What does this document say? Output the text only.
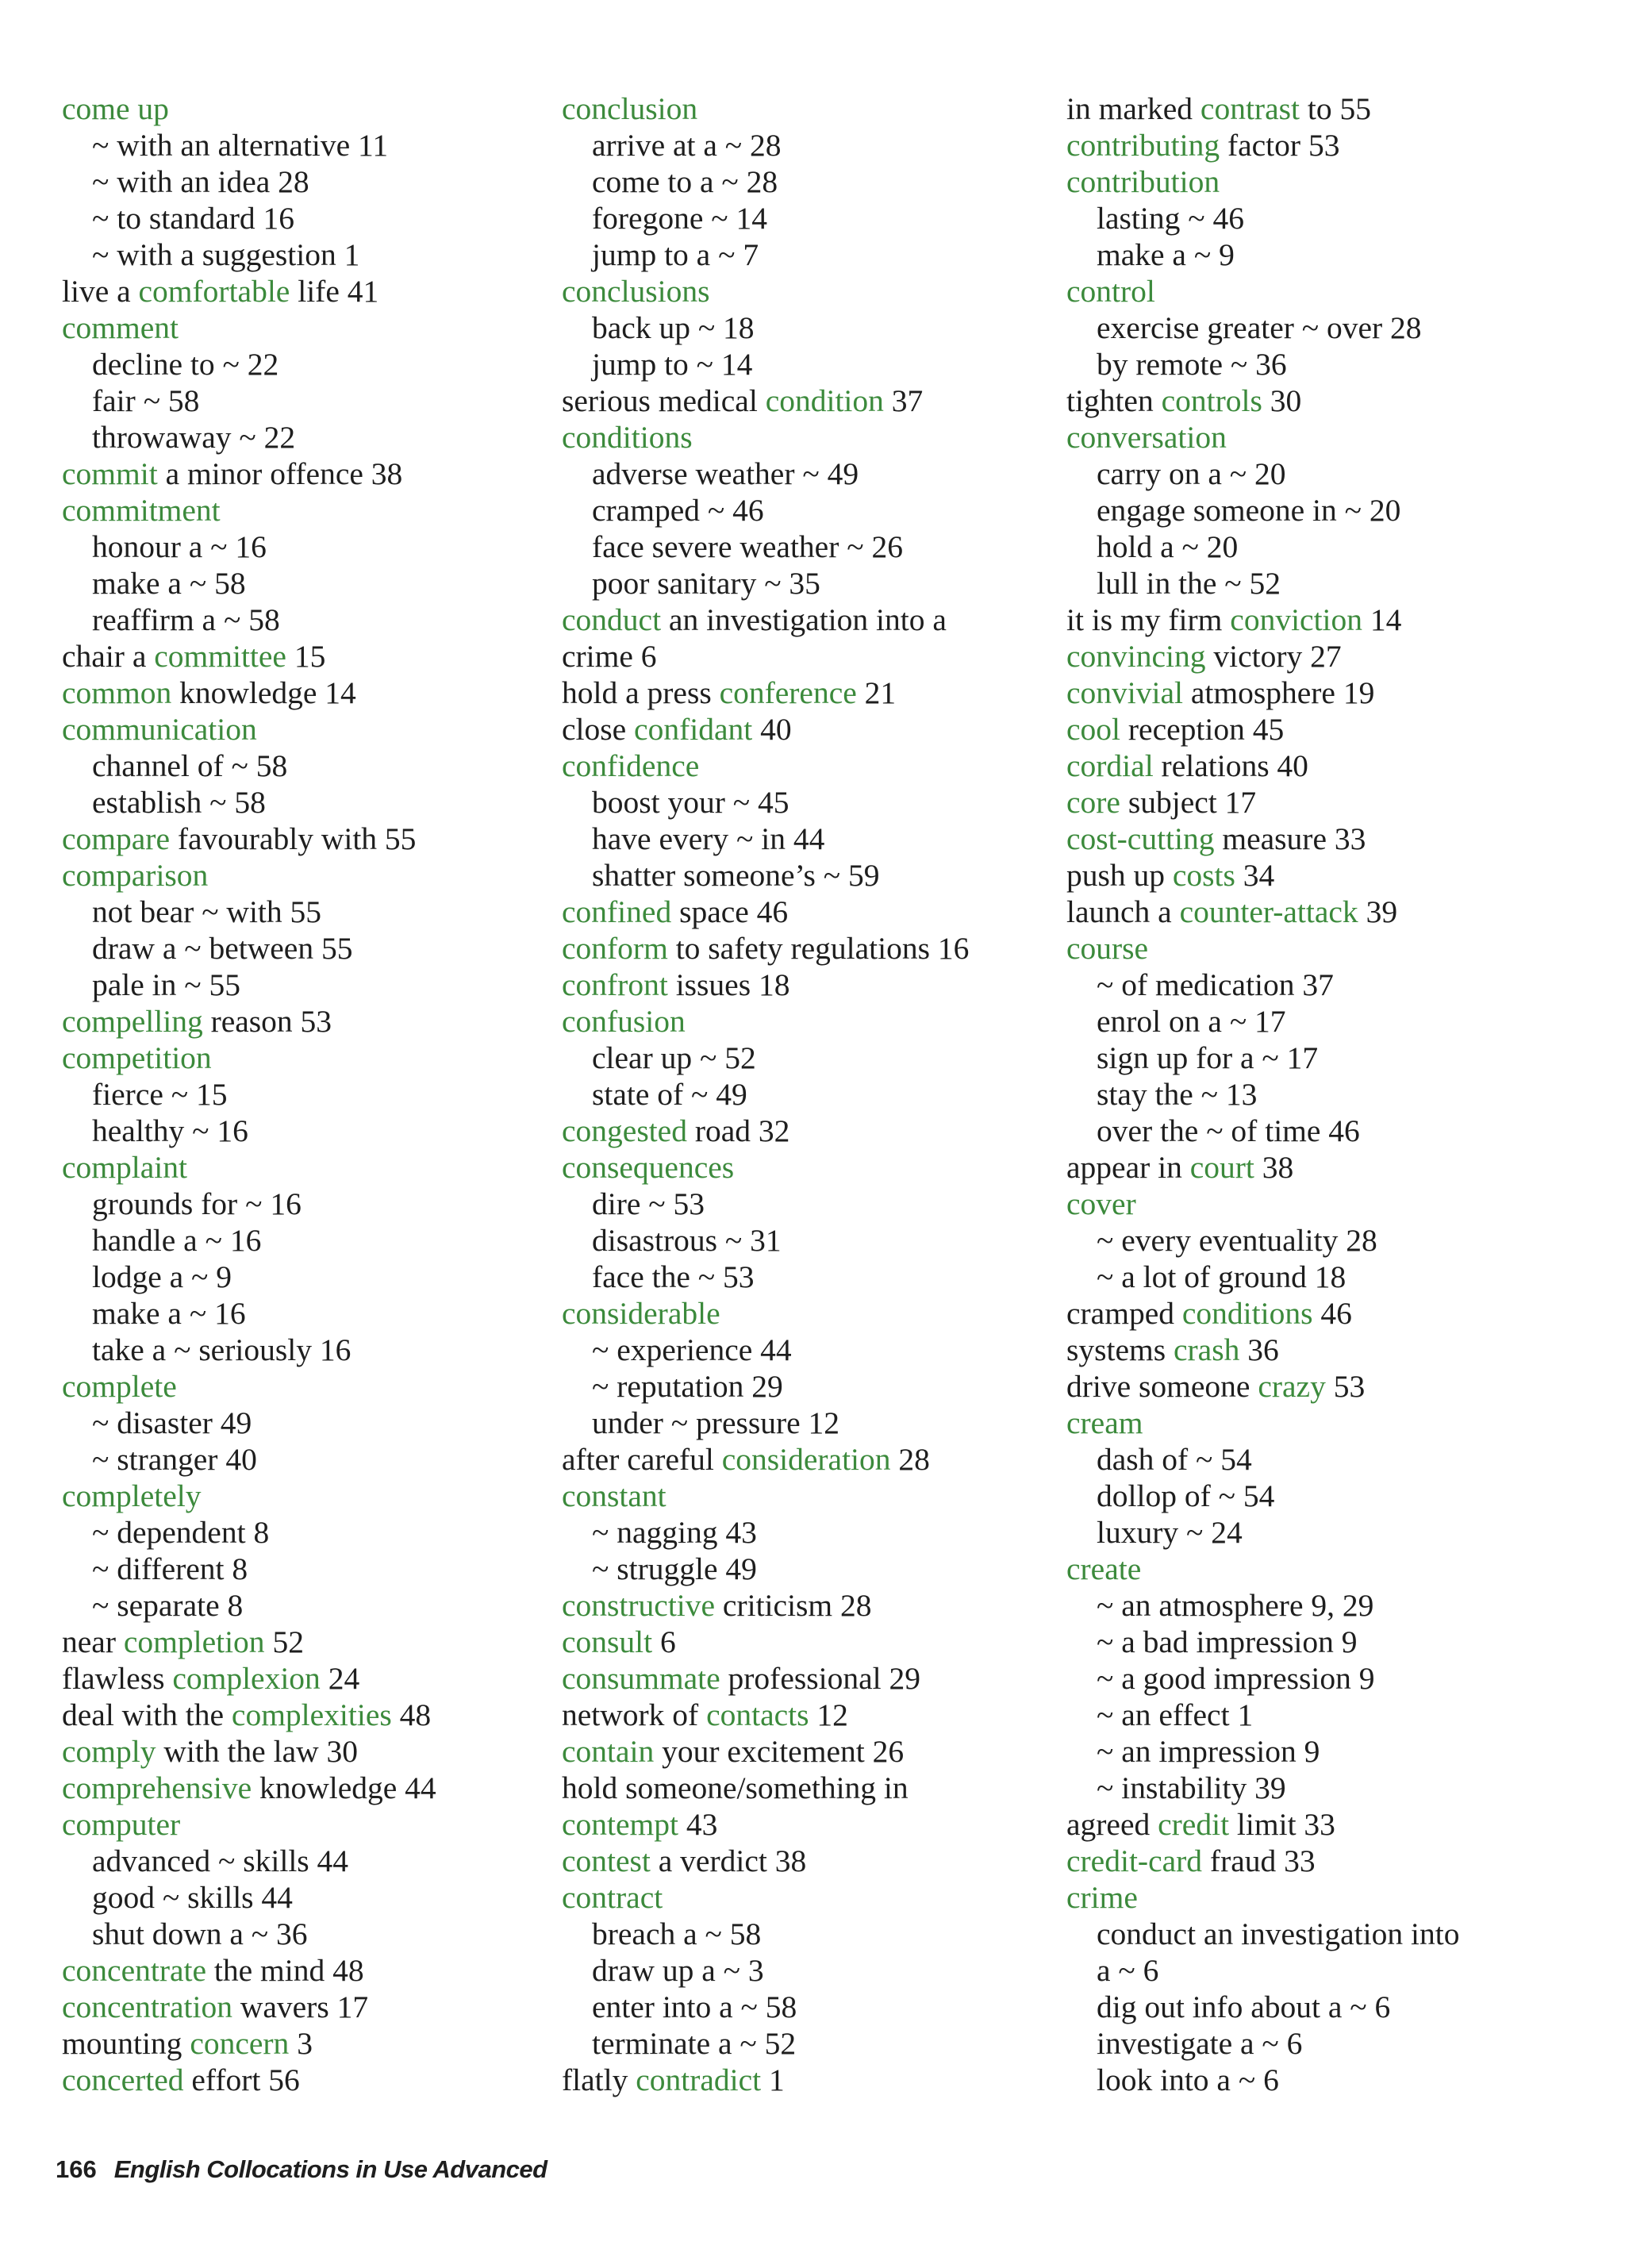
come up
~ with an alternative 11
~ with an idea 28
~ to standard 16
~ with a suggestion 1
live a comfortable life 41
comment
decline to ~ 22
fair ~ 58
throwaway ~ 22
commit a minor offence 38
commitment
honour a ~ 16
make a ~ 58
reaffirm a ~ 58
chair a committee 15
common knowledge 14
communication
channel of ~ 58
establish ~ 58
compare favourably with 55
comparison
not bear ~ with 55
draw a ~ between 55
pale in ~ 55
compelling reason 53
competition
fierce ~ 15
healthy ~ 16
complaint
grounds for ~ 16
handle a ~ 16
lodge a ~ 9
make a ~ 16
take a ~ seriously 16
complete
~ disaster 49
~ stranger 40
completely
~ dependent 8
~ different 8
~ separate 8
near completion 52
flawless complexion 24
deal with the complexities 48
comply with the law 30
comprehensive knowledge 44
computer
advanced ~ skills 44
good ~ skills 44
shut down a ~ 36
concentrate the mind 48
concentration wavers 17
mounting concern 3
concerted effort 56
conclusion
arrive at a ~ 28
come to a ~ 28
foregone ~ 14
jump to a ~ 7
conclusions
back up ~ 18
jump to ~ 14
serious medical condition 37
conditions
adverse weather ~ 49
cramped ~ 46
face severe weather ~ 26
poor sanitary ~ 35
conduct an investigation into a
crime 6
hold a press conference 21
close confidant 40
confidence
boost your ~ 45
have every ~ in 44
shatter someone’s ~ 59
confined space 46
conform to safety regulations 16
confront issues 18
confusion
clear up ~ 52
state of ~ 49
congested road 32
consequences
dire ~ 53
disastrous ~ 31
face the ~ 53
considerable
~ experience 44
~ reputation 29
under ~ pressure 12
after careful consideration 28
constant
~ nagging 43
~ struggle 49
constructive criticism 28
consult 6
consummate professional 29
network of contacts 12
contain your excitement 26
hold someone/something in
contempt 43
contest a verdict 38
contract
breach a ~ 58
draw up a ~ 3
enter into a ~ 58
terminate a ~ 52
flatly contradict 1
in marked contrast to 55
contributing factor 53
contribution
lasting ~ 46
make a ~ 9
control
exercise greater ~ over 28
by remote ~ 36
tighten controls 30
conversation
carry on a ~ 20
engage someone in ~ 20
hold a ~ 20
lull in the ~ 52
it is my firm conviction 14
convincing victory 27
convivial atmosphere 19
cool reception 45
cordial relations 40
core subject 17
cost-cutting measure 33
push up costs 34
launch a counter-attack 39
course
~ of medication 37
enrol on a ~ 17
sign up for a ~ 17
stay the ~ 13
over the ~ of time 46
appear in court 38
cover
~ every eventuality 28
~ a lot of ground 18
cramped conditions 46
systems crash 36
drive someone crazy 53
cream
dash of ~ 54
dollop of ~ 54
luxury ~ 24
create
~ an atmosphere 9, 29
~ a bad impression 9
~ a good impression 9
~ an effect 1
~ an impression 9
~ instability 39
agreed credit limit 33
credit-card fraud 33
crime
conduct an investigation into
a ~ 6
dig out info about a ~ 6
investigate a ~ 6
look into a ~ 6
166 English Collocations in Use Advanced
